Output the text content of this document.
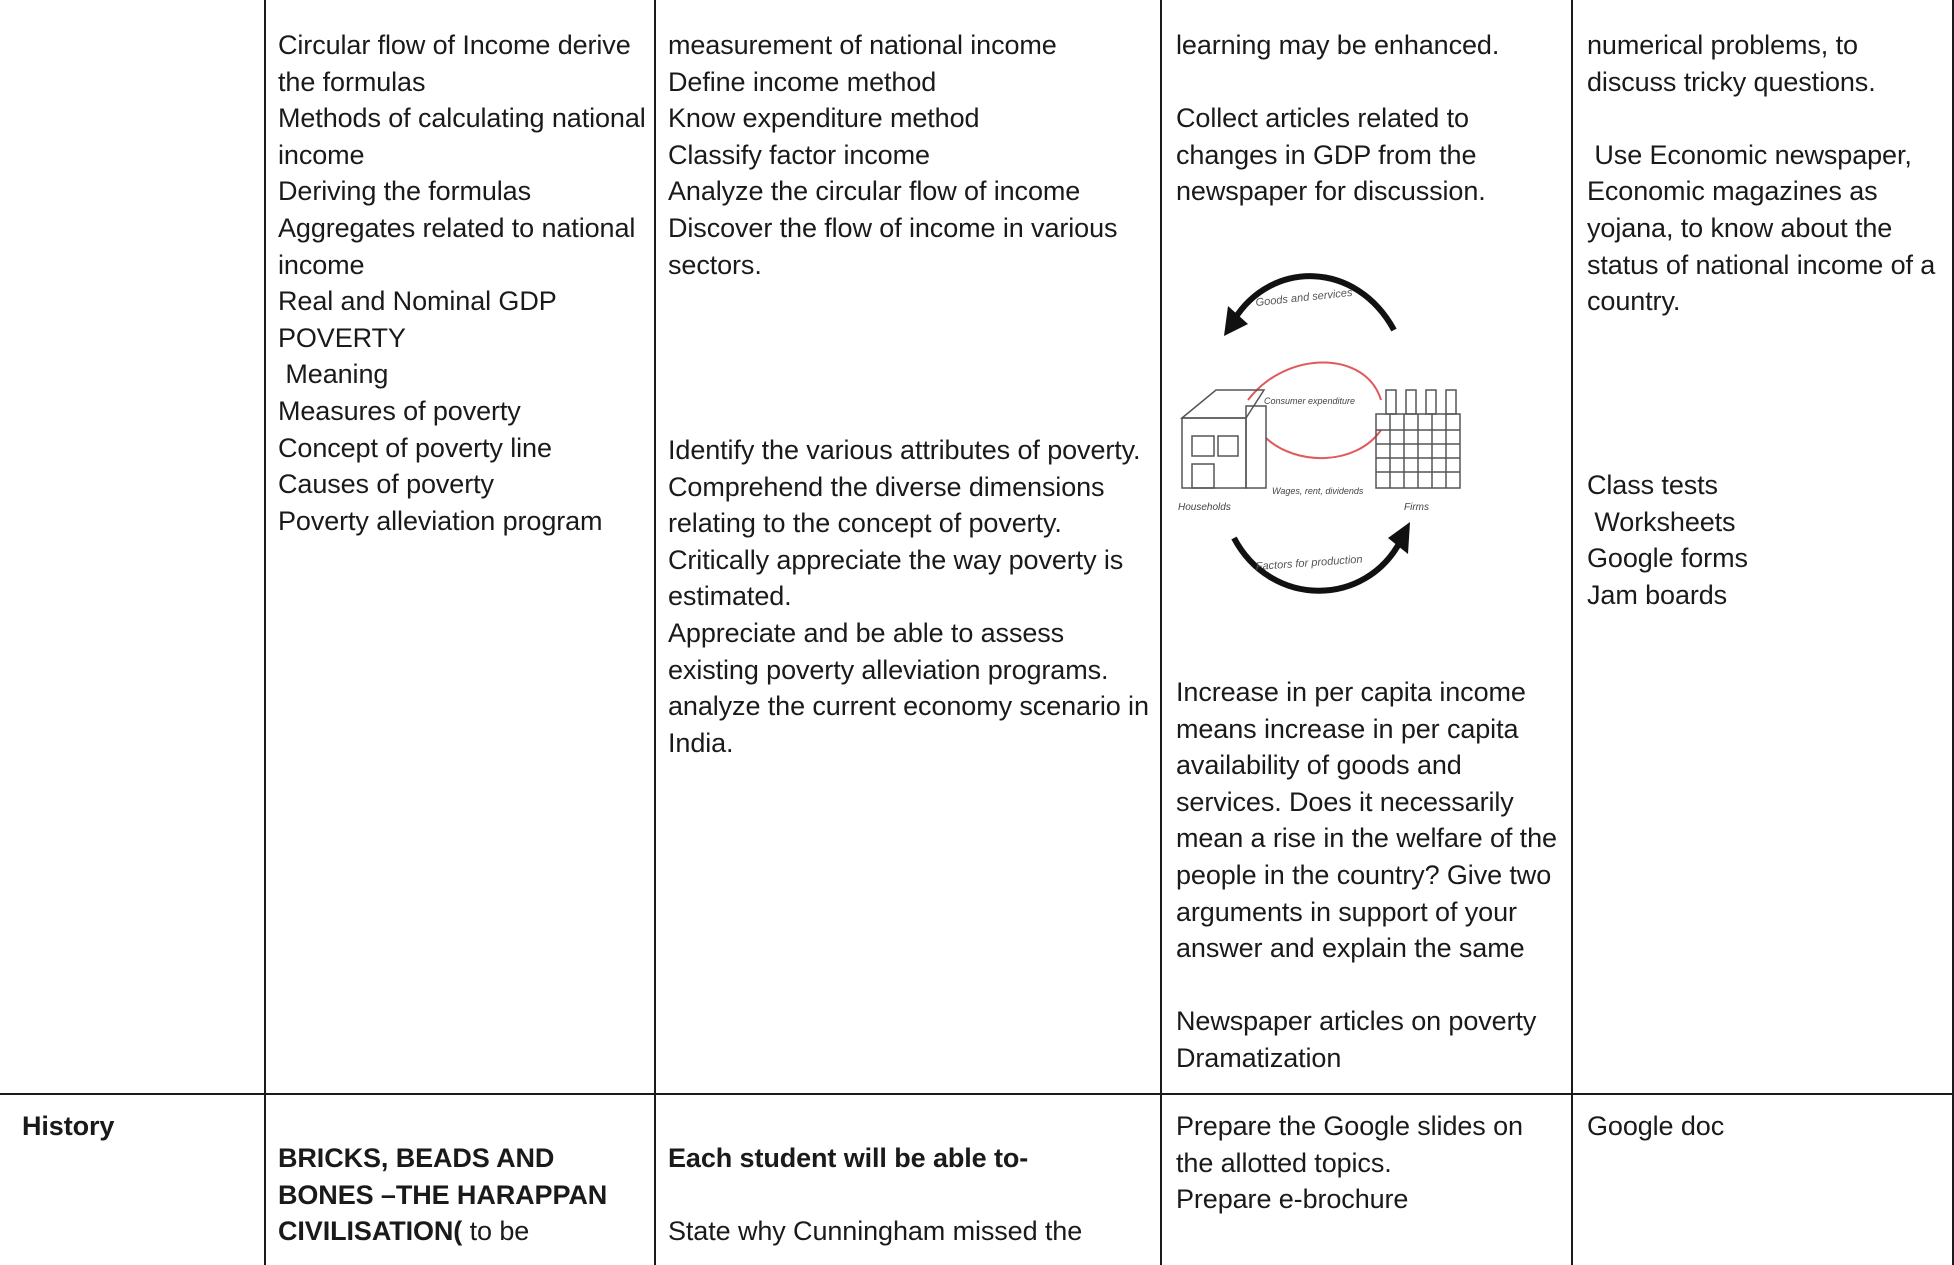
Circular flow of Income derive
the formulas
Methods of calculating national
income
Deriving the formulas
Aggregates related to national
income
Real and Nominal GDP
POVERTY
Meaning
Measures of poverty
Concept of poverty line
Causes of poverty
Poverty alleviation program
measurement of national income
Define income method
Know expenditure method
Classify factor income
Analyze the circular flow of income
Discover the flow of income in various
sectors.
Identify the various attributes of poverty.
Comprehend the diverse dimensions
relating to the concept of poverty.
Critically appreciate the way poverty is
estimated.
Appreciate and be able to assess
existing poverty alleviation programs.
analyze the current economy scenario in
India.
learning may be enhanced.
Collect articles related to
changes in GDP from the
newspaper for discussion.
Goods and services
Consumer expenditure
Wages, rent, dividends
Households	Firms
Factors for production
Increase in per capita income
means increase in per capita
availability of goods and
services. Does it necessarily
mean a rise in the welfare of the
people in the country? Give two
arguments in support of your
answer and explain the same
Newspaper articles on poverty
Dramatization
numerical problems, to
discuss tricky questions.
Use Economic newspaper,
Economic magazines as
yojana, to know about the
status of national income of a
country.
Class tests
Worksheets
Google forms
Jam boards
History
BRICKS, BEADS AND
BONES –THE HARAPPAN
CIVILISATION( to be
Each student will be able to-
State why Cunningham missed the
Prepare the Google slides on
the allotted topics.
Prepare e-brochure
Google doc
